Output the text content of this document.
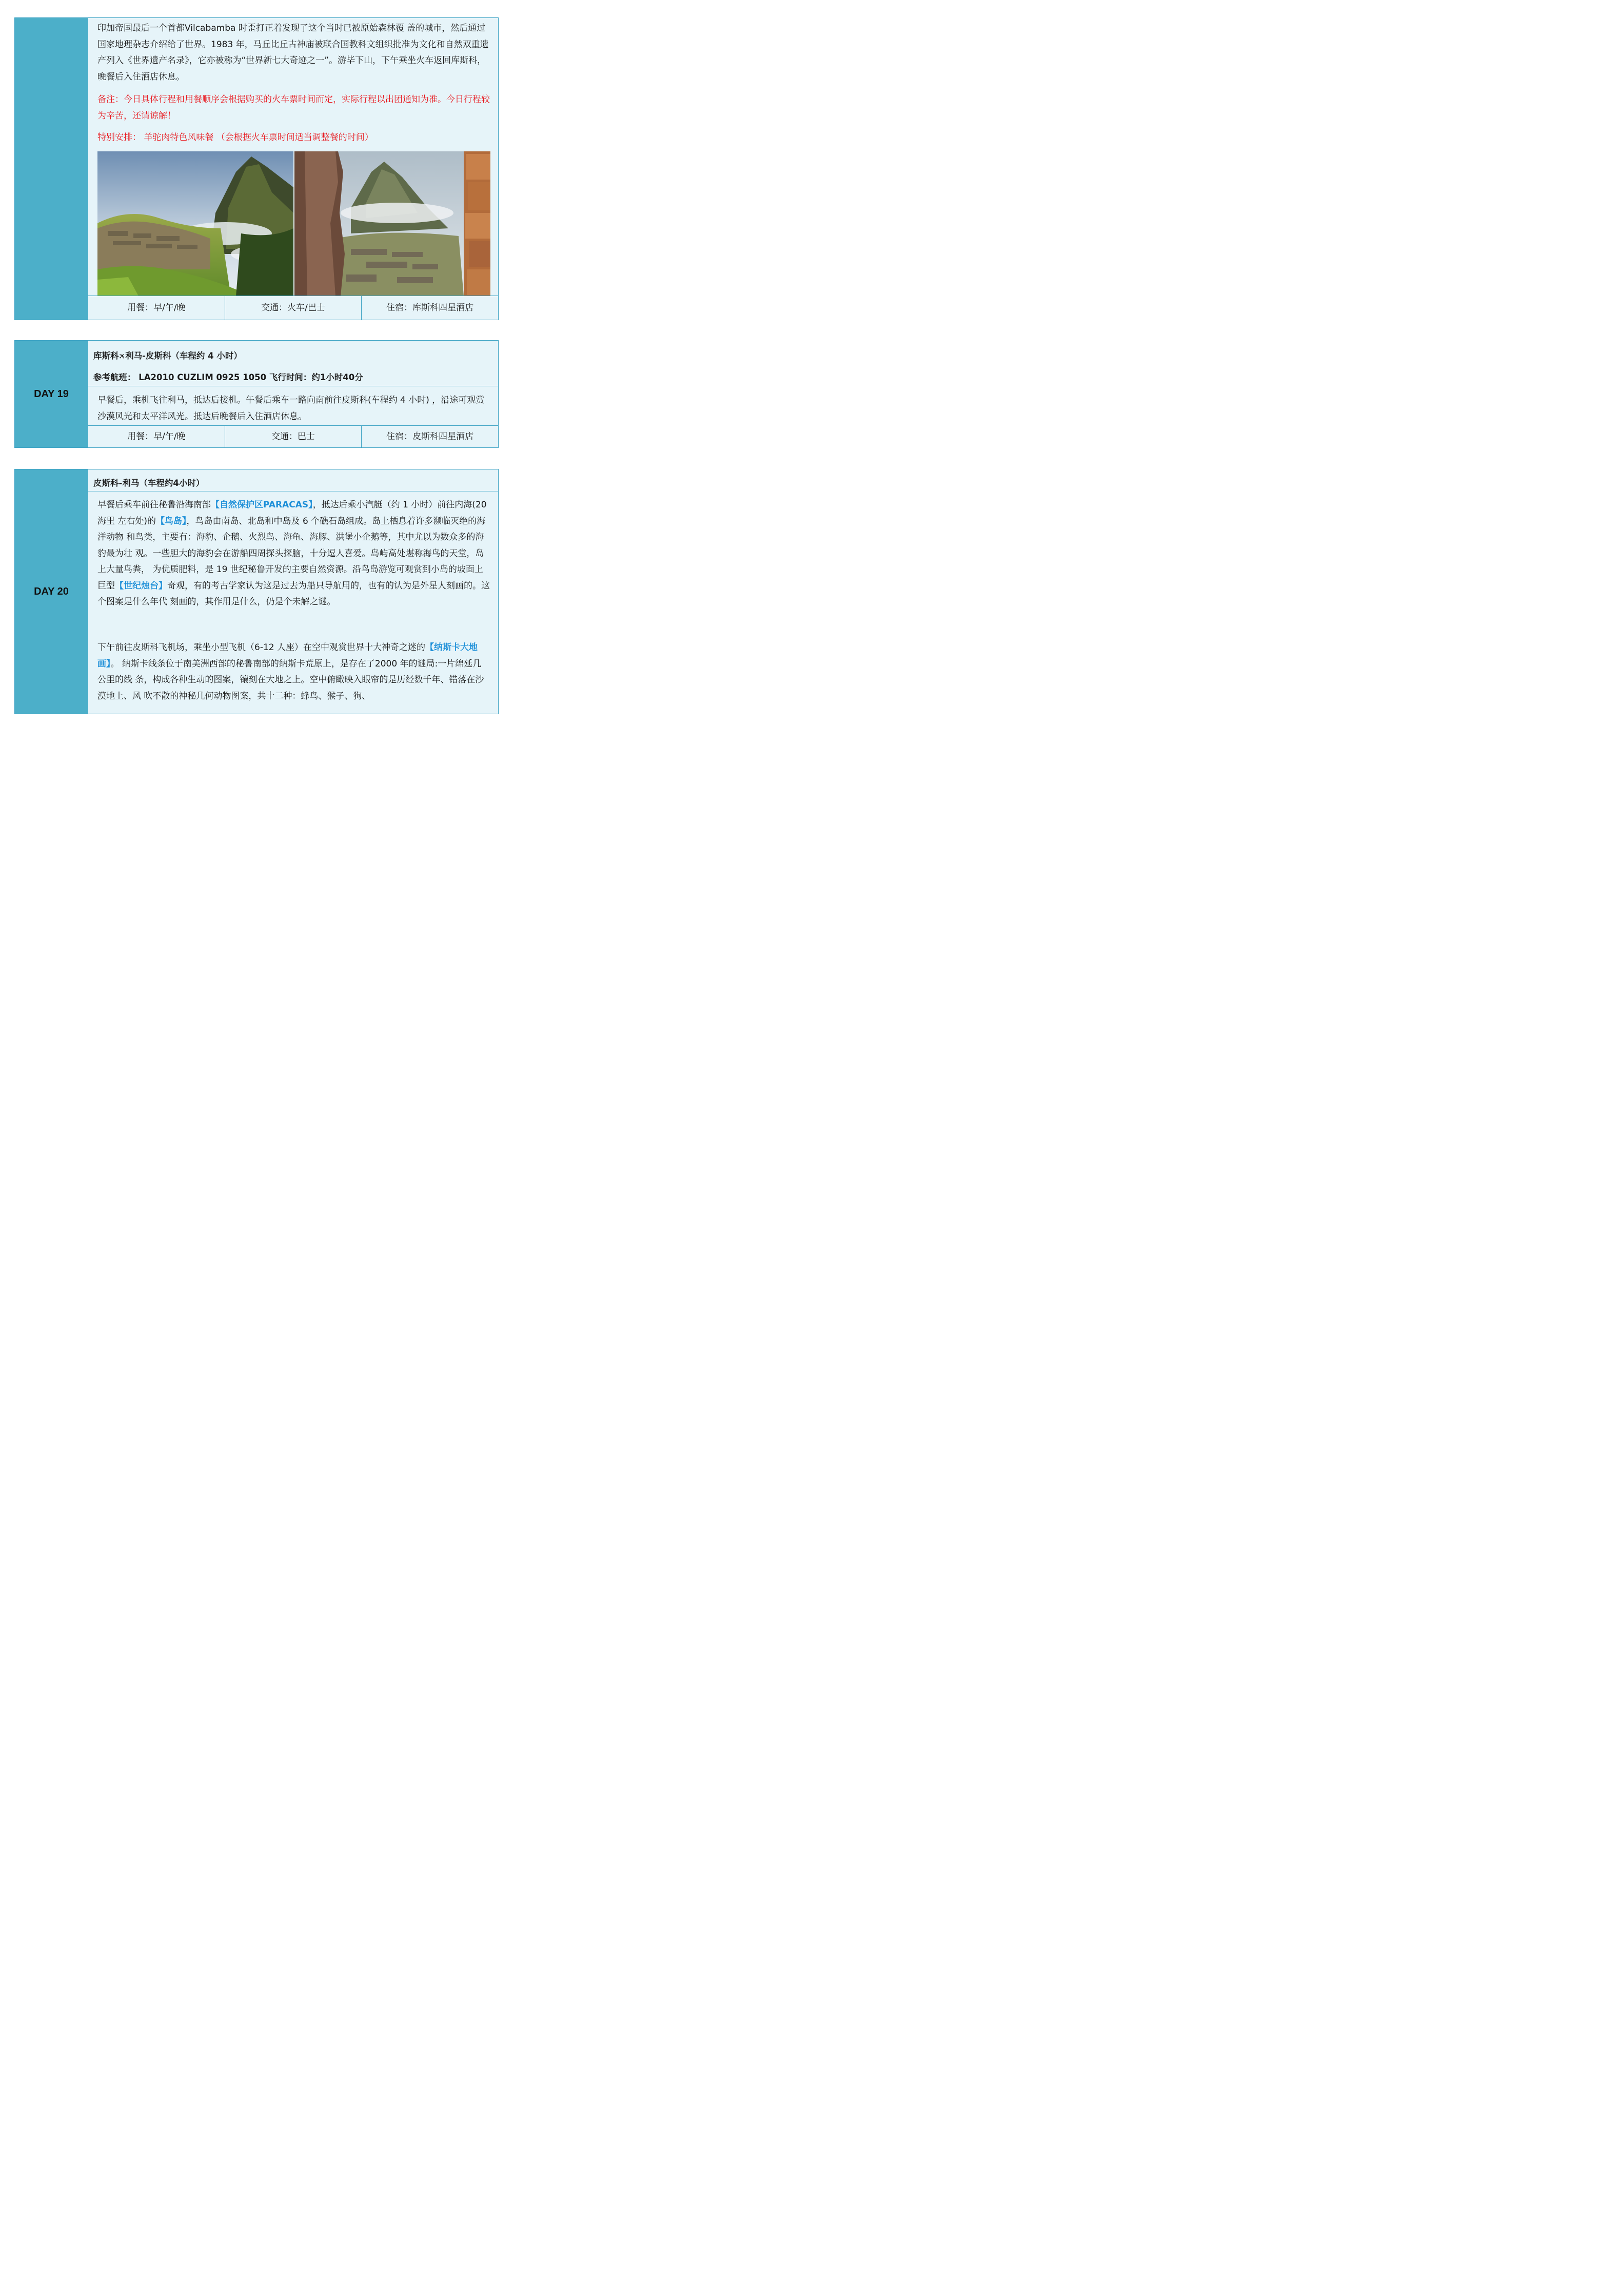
印加帝国最后一个首都Vilcabamba 时歪打正着发现了这个当时已被原始森林覆 盖的城市，然后通过国家地理杂志介绍给了世界。1983 年，马丘比丘古神庙被联合国教科文组织批准为文化和自然双重遗产列入《世界遗产名录》，它亦被称为“世界新七大奇迹之一”。游毕下山，下午乘坐火车返回库斯科，晚餐后入住酒店休息。

备注：今日具体行程和用餐顺序会根据购买的火车票时间而定，实际行程以出团通知为准。今日行程较 为辛苦，还请谅解！

特别安排： 羊驼肉特色风味餐 （会根据火车票时间适当调整餐的时间）

用餐：早/午/晚	交通：火车/巴士	住宿：库斯科四星酒店
DAY 19
库斯科✈利马-皮斯科（车程约 4 小时）
参考航班： LA2010 CUZLIM 0925 1050 飞行时间：约1小时40分

早餐后，乘机飞往利马，抵达后接机。午餐后乘车一路向南前往皮斯科(车程约 4 小时) ，沿途可观赏沙漠风光和太平洋风光。抵达后晚餐后入住酒店休息。

用餐：早/午/晚	交通：巴士	住宿：皮斯科四星酒店
DAY 20
皮斯科-利马（车程约4小时）

早餐后乘车前往秘鲁沿海南部【自然保护区PARACAS】，抵达后乘小汽艇（约 1 小时）前往内海(20 海里 左右处)的【鸟岛】，鸟岛由南岛、北岛和中岛及 6 个礁石岛组成。岛上栖息着许多濒临灭绝的海洋动物 和鸟类，主要有：海豹、企鹅、火烈鸟、海龟、海豚、洪堡小企鹅等，其中尤以为数众多的海豹最为壮 观。一些胆大的海豹会在游船四周探头探脑，十分逗人喜爱。岛屿高处堪称海鸟的天堂，岛上大量鸟粪， 为优质肥料，是 19 世纪秘鲁开发的主要自然资源。沿鸟岛游览可观赏到小岛的坡面上巨型【世纪烛台】奇观，有的考古学家认为这是过去为船只导航用的，也有的认为是外星人刻画的。这个图案是什么年代 刻画的，其作用是什么，仍是个未解之谜。

下午前往皮斯科飞机场，乘坐小型飞机（6-12 人座）在空中观赏世界十大神奇之迷的【纳斯卡大地画】。 纳斯卡线条位于南美洲西部的秘鲁南部的纳斯卡荒原上，是存在了2000 年的谜局:一片绵延几公里的线 条，构成各种生动的图案，镶刻在大地之上。空中俯瞰映入眼帘的是历经数千年、错落在沙漠地上、风 吹不散的神秘几何动物图案，共十二种：蜂鸟、猴子、狗、
